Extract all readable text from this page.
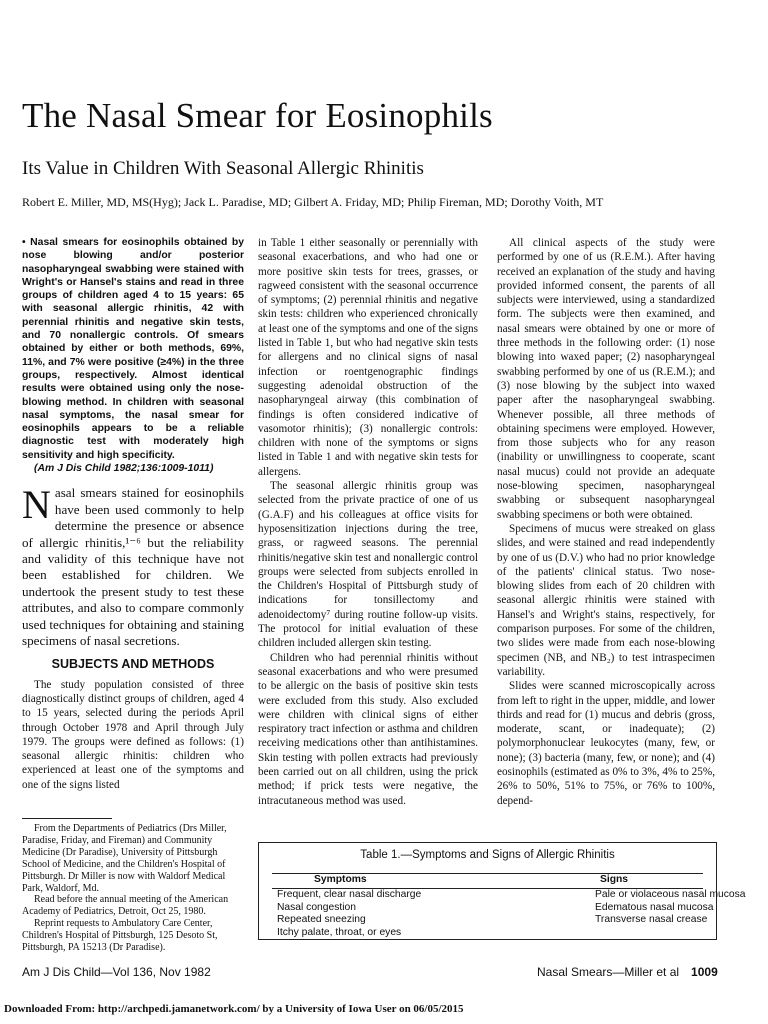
The Nasal Smear for Eosinophils
Its Value in Children With Seasonal Allergic Rhinitis

Robert E. Miller, MD, MS(Hyg); Jack L. Paradise, MD; Gilbert A. Friday, MD; Philip Fireman, MD; Dorothy Voith, MT

• Nasal smears for eosinophils obtained by nose blowing and/or posterior nasopharyngeal swabbing were stained with Wright's or Hansel's stains and read in three groups of children aged 4 to 15 years: 65 with seasonal allergic rhinitis, 42 with perennial rhinitis and negative skin tests, and 70 nonallergic controls. Of smears obtained by either or both methods, 69%, 11%, and 7% were positive (≥4%) in the three groups, respectively. Almost identical results were obtained using only the nose-blowing method. In children with seasonal nasal symptoms, the nasal smear for eosinophils appears to be a reliable diagnostic test with moderately high sensitivity and high specificity.
(Am J Dis Child 1982;136:1009-1011)
Nasal smears stained for eosinophils have been used commonly to help determine the presence or absence of allergic rhinitis,¹⁻⁶ but the reliability and validity of this technique have not been established for children. We undertook the present study to test these attributes, and also to compare commonly used techniques for obtaining and staining specimens of nasal secretions.
SUBJECTS AND METHODS

The study population consisted of three diagnostically distinct groups of children, aged 4 to 15 years, selected during the periods April through October 1978 and April through July 1979. The groups were defined as follows: (1) seasonal allergic rhinitis: children who experienced at least one of the symptoms and one of the signs listed

in Table 1 either seasonally or perennially with seasonal exacerbations, and who had one or more positive skin tests for trees, grasses, or ragweed consistent with the seasonal occurrence of symptoms; (2) perennial rhinitis and negative skin tests: children who experienced chronically at least one of the symptoms and one of the signs listed in Table 1, but who had negative skin tests for allergens and no clinical signs of nasal infection or roentgenographic findings suggesting adenoidal obstruction of the nasopharyngeal airway (this combination of findings is often considered indicative of vasomotor rhinitis); (3) nonallergic controls: children with none of the symptoms or signs listed in Table 1 and with negative skin tests for allergens.

The seasonal allergic rhinitis group was selected from the private practice of one of us (G.A.F) and his colleagues at office visits for hyposensitization injections during the tree, grass, or ragweed seasons. The perennial rhinitis/negative skin test and nonallergic control groups were selected from subjects enrolled in the Children's Hospital of Pittsburgh study of indications for tonsillectomy and adenoidectomy⁷ during routine follow-up visits. The protocol for initial evaluation of these children included allergen skin testing.

Children who had perennial rhinitis without seasonal exacerbations and who were presumed to be allergic on the basis of positive skin tests were excluded from this study. Also excluded were children with clinical signs of either respiratory tract infection or asthma and children receiving medications other than antihistamines. Skin testing with pollen extracts had previously been carried out on all children, using the prick method; if prick tests were negative, the intracutaneous method was used.

All clinical aspects of the study were performed by one of us (R.E.M.). After having received an explanation of the study and having provided informed consent, the parents of all subjects were interviewed, using a standardized form. The subjects were then examined, and nasal smears were obtained by one or more of three methods in the following order: (1) nose blowing into waxed paper; (2) nasopharyngeal swabbing performed by one of us (R.E.M.); and (3) nose blowing by the subject into waxed paper after the nasopharyngeal swabbing. Whenever possible, all three methods of obtaining specimens were employed. However, from those subjects who for any reason (inability or unwillingness to cooperate, scant nasal mucus) could not provide an adequate nose-blowing specimen, nasopharyngeal swabbing or subsequent nasopharyngeal swabbing specimens or both were obtained.

Specimens of mucus were streaked on glass slides, and were stained and read independently by one of us (D.V.) who had no prior knowledge of the patients' clinical status. Two nose-blowing slides from each of 20 children with seasonal allergic rhinitis were stained with Hansel's and Wright's stains, respectively, for comparison purposes. For some of the children, two slides were made from each nose-blowing specimen (NB, and NB₂) to test intraspecimen variability.

Slides were scanned microscopically across from left to right in the upper, middle, and lower thirds and read for (1) mucus and debris (gross, moderate, scant, or inadequate); (2) polymorphonuclear leukocytes (many, few, or none); (3) bacteria (many, few, or none); and (4) eosinophils (estimated as 0% to 3%, 4% to 25%, 26% to 50%, 51% to 75%, or 76% to 100%, depend-

From the Departments of Pediatrics (Drs Miller, Paradise, Friday, and Fireman) and Community Medicine (Dr Paradise), University of Pittsburgh School of Medicine, and the Children's Hospital of Pittsburgh. Dr Miller is now with Waldorf Medical Park, Waldorf, Md.

Read before the annual meeting of the American Academy of Pediatrics, Detroit, Oct 25, 1980.

Reprint requests to Ambulatory Care Center, Children's Hospital of Pittsburgh, 125 Desoto St, Pittsburgh, PA 15213 (Dr Paradise).

Table 1.—Symptoms and Signs of Allergic Rhinitis
Symptoms	Signs
Frequent, clear nasal discharge
Nasal congestion
Repeated sneezing
Itchy palate, throat, or eyes
Pale or violaceous nasal mucosa
Edematous nasal mucosa
Transverse nasal crease
Am J Dis Child—Vol 136, Nov 1982	Nasal Smears—Miller et al 1009
Downloaded From: http://archpedi.jamanetwork.com/ by a University of Iowa User on 06/05/2015
